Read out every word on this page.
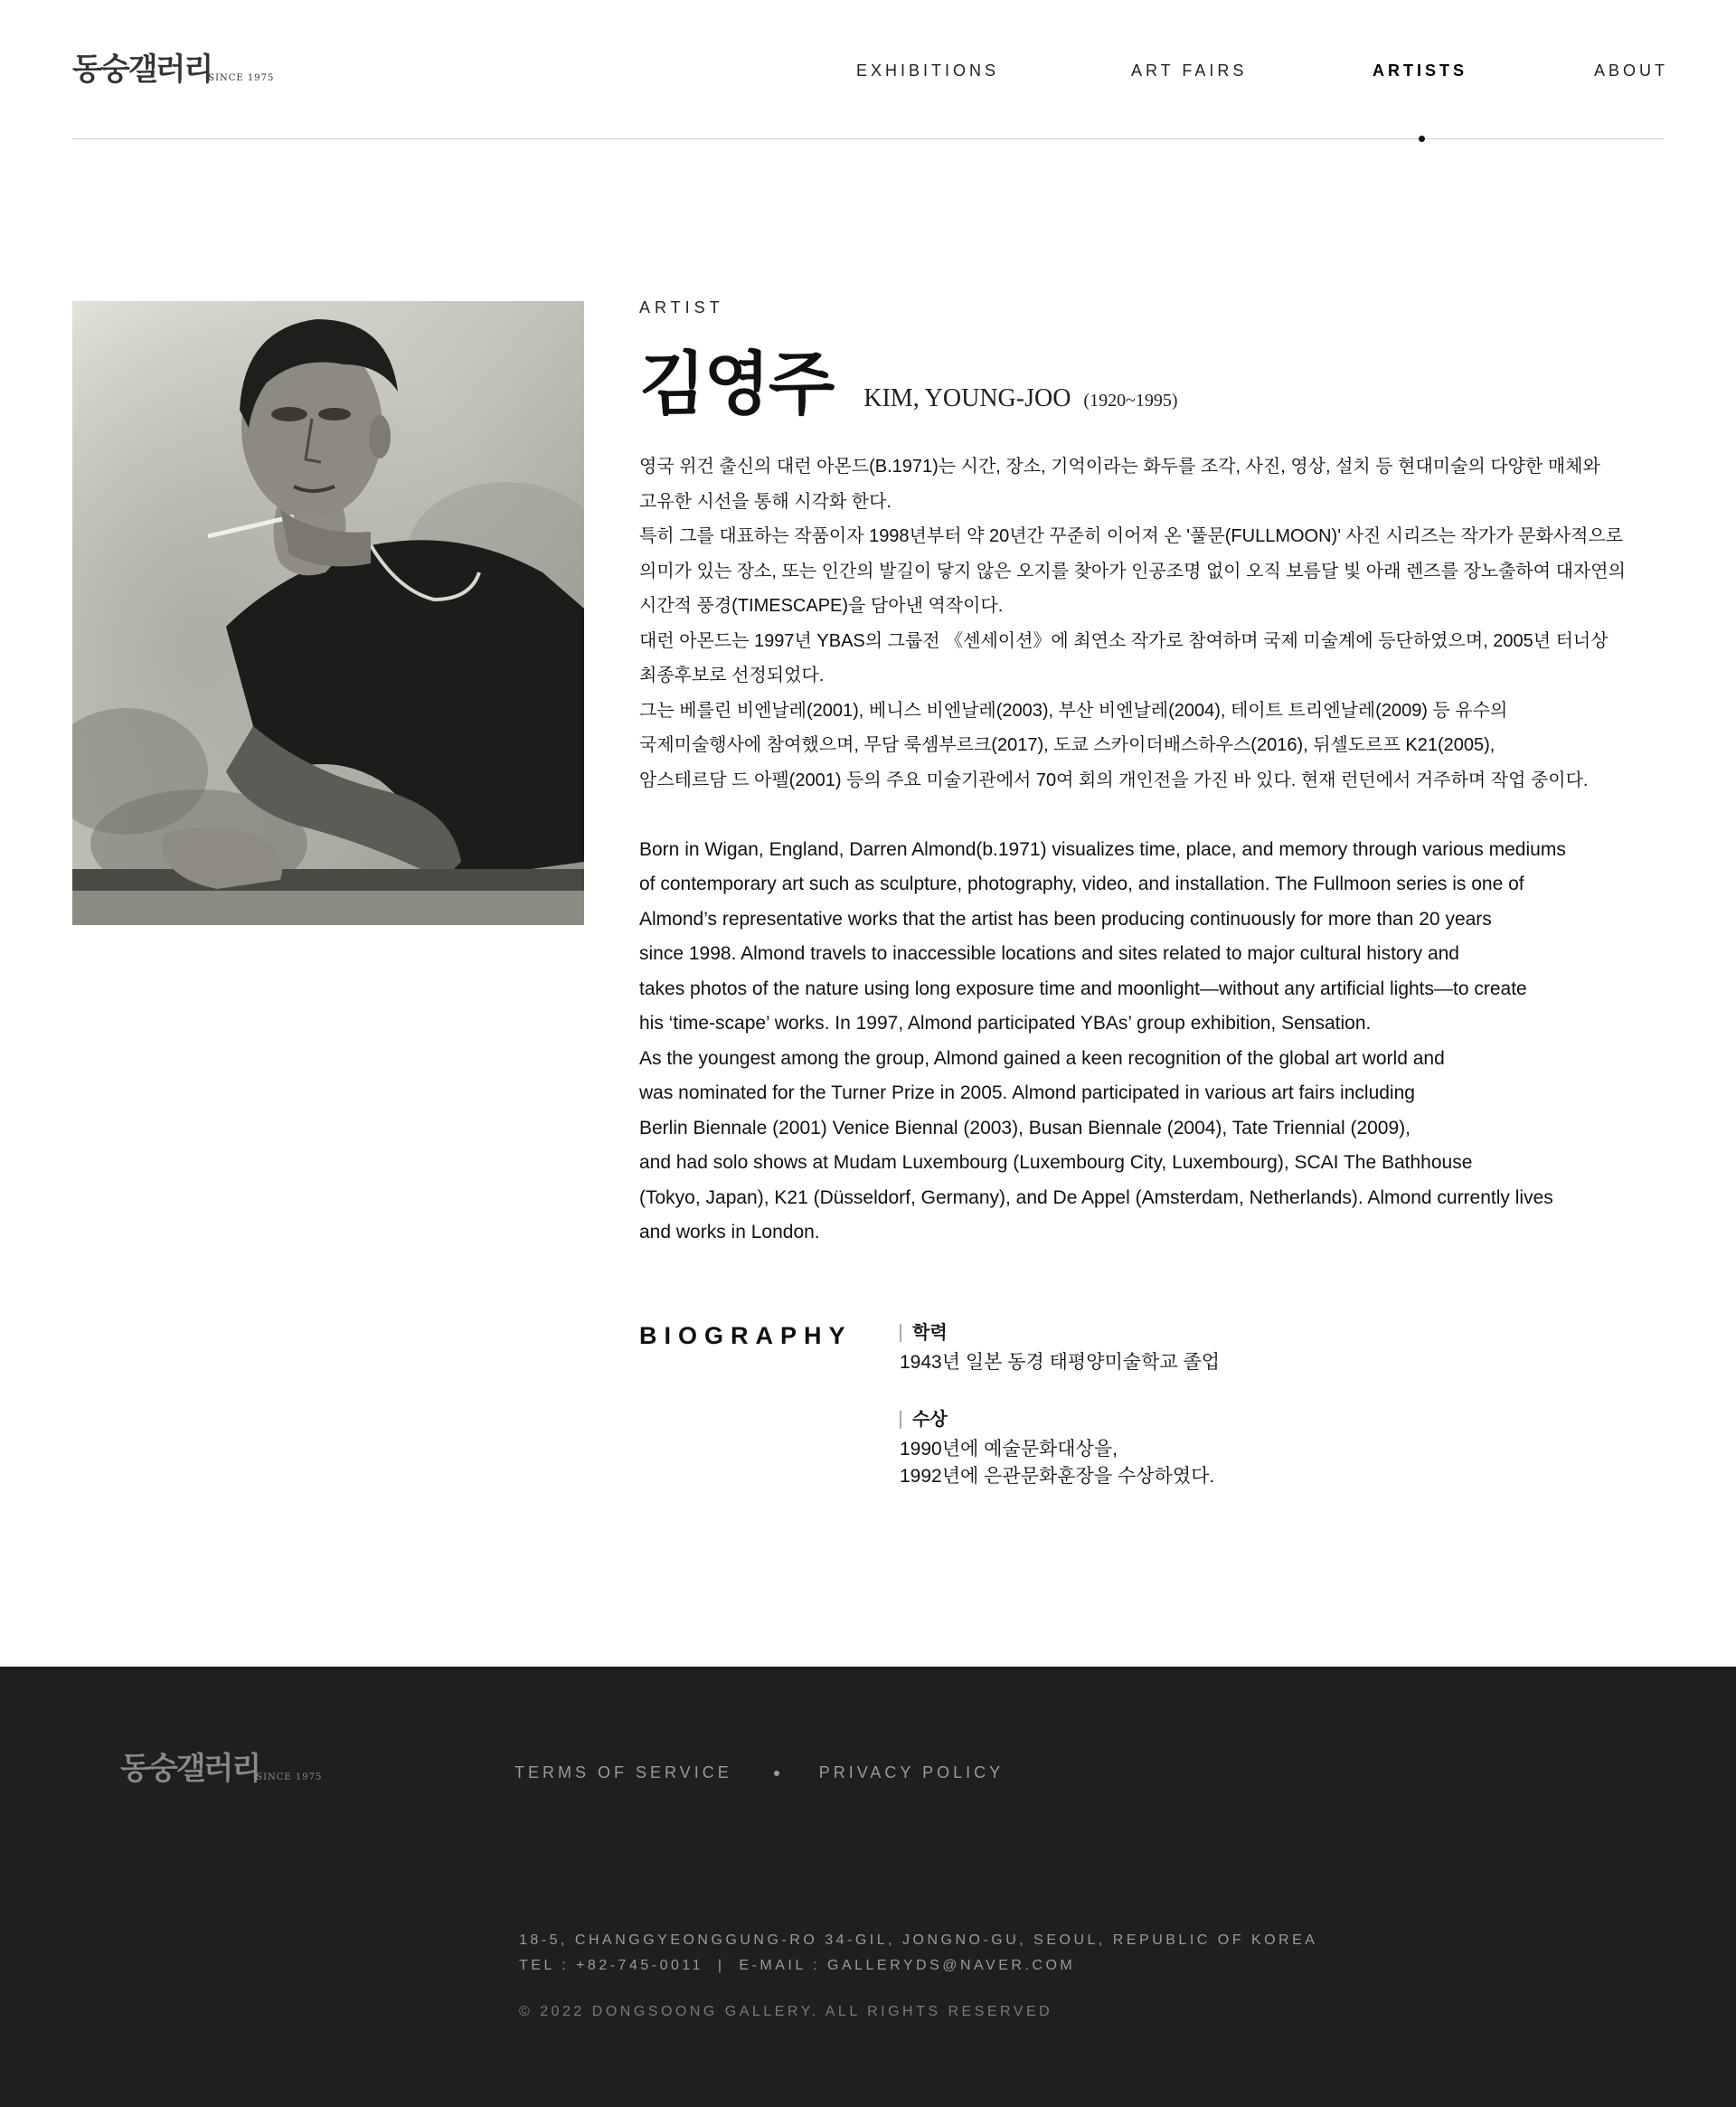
동숭갤러리
SINCE 1975	EXHIBITIONS	ART FAIRS	ARTISTS	ABOUT
ARTIST
김영주 KIM, YOUNG-JOO (1920~1995)

영국 위건 출신의 대런 아몬드(B.1971)는 시간, 장소, 기억이라는 화두를 조각, 사진, 영상, 설치 등 현대미술의 다양한 매체와

고유한 시선을 통해 시각화 한다.

특히 그를 대표하는 작품이자 1998년부터 약 20년간 꾸준히 이어져 온 '풀문(FULLMOON)' 사진 시리즈는 작가가 문화사적으로

의미가 있는 장소, 또는 인간의 발길이 닿지 않은 오지를 찾아가 인공조명 없이 오직 보름달 빛 아래 렌즈를 장노출하여 대자연의

시간적 풍경(TIMESCAPE)을 담아낸 역작이다.

대런 아몬드는 1997년 YBAS의 그룹전 《센세이션》에 최연소 작가로 참여하며 국제 미술계에 등단하였으며, 2005년 터너상

최종후보로 선정되었다.

그는 베를린 비엔날레(2001), 베니스 비엔날레(2003), 부산 비엔날레(2004), 테이트 트리엔날레(2009) 등 유수의

국제미술행사에 참여했으며, 무담 룩셈부르크(2017), 도쿄 스카이더배스하우스(2016), 뒤셀도르프 K21(2005),

암스테르담 드 아펠(2001) 등의 주요 미술기관에서 70여 회의 개인전을 가진 바 있다. 현재 런던에서 거주하며 작업 중이다.

Born in Wigan, England, Darren Almond(b.1971) visualizes time, place, and memory through various mediums

of contemporary art such as sculpture, photography, video, and installation. The Fullmoon series is one of

Almond’s representative works that the artist has been producing continuously for more than 20 years

since 1998. Almond travels to inaccessible locations and sites related to major cultural history and

takes photos of the nature using long exposure time and moonlight—without any artificial lights—to create

his ‘time-scape’ works. In 1997, Almond participated YBAs’ group exhibition, Sensation.

As the youngest among the group, Almond gained a keen recognition of the global art world and

was nominated for the Turner Prize in 2005. Almond participated in various art fairs including

Berlin Biennale (2001) Venice Biennal (2003), Busan Biennale (2004), Tate Triennial (2009),

and had solo shows at Mudam Luxembourg (Luxembourg City, Luxembourg), SCAI The Bathhouse

(Tokyo, Japan), K21 (Düsseldorf, Germany), and De Appel (Amsterdam, Netherlands). Almond currently lives

and works in London.

BIOGRAPHY	학력
1943년 일본 동경 태평양미술학교 졸업
수상
1990년에 예술문화대상을,
1992년에 은관문화훈장을 수상하였다.
동숭갤러리
SINCE 1975	TERMS OF SERVICE	PRIVACY POLICY
18-5, CHANGGYEONGGUNG-RO 34-GIL, JONGNO-GU, SEOUL, REPUBLIC OF KOREA
TEL : +82-745-0011  |  E-MAIL : GALLERYDS@NAVER.COM
© 2022 DONGSOONG GALLERY. ALL RIGHTS RESERVED
